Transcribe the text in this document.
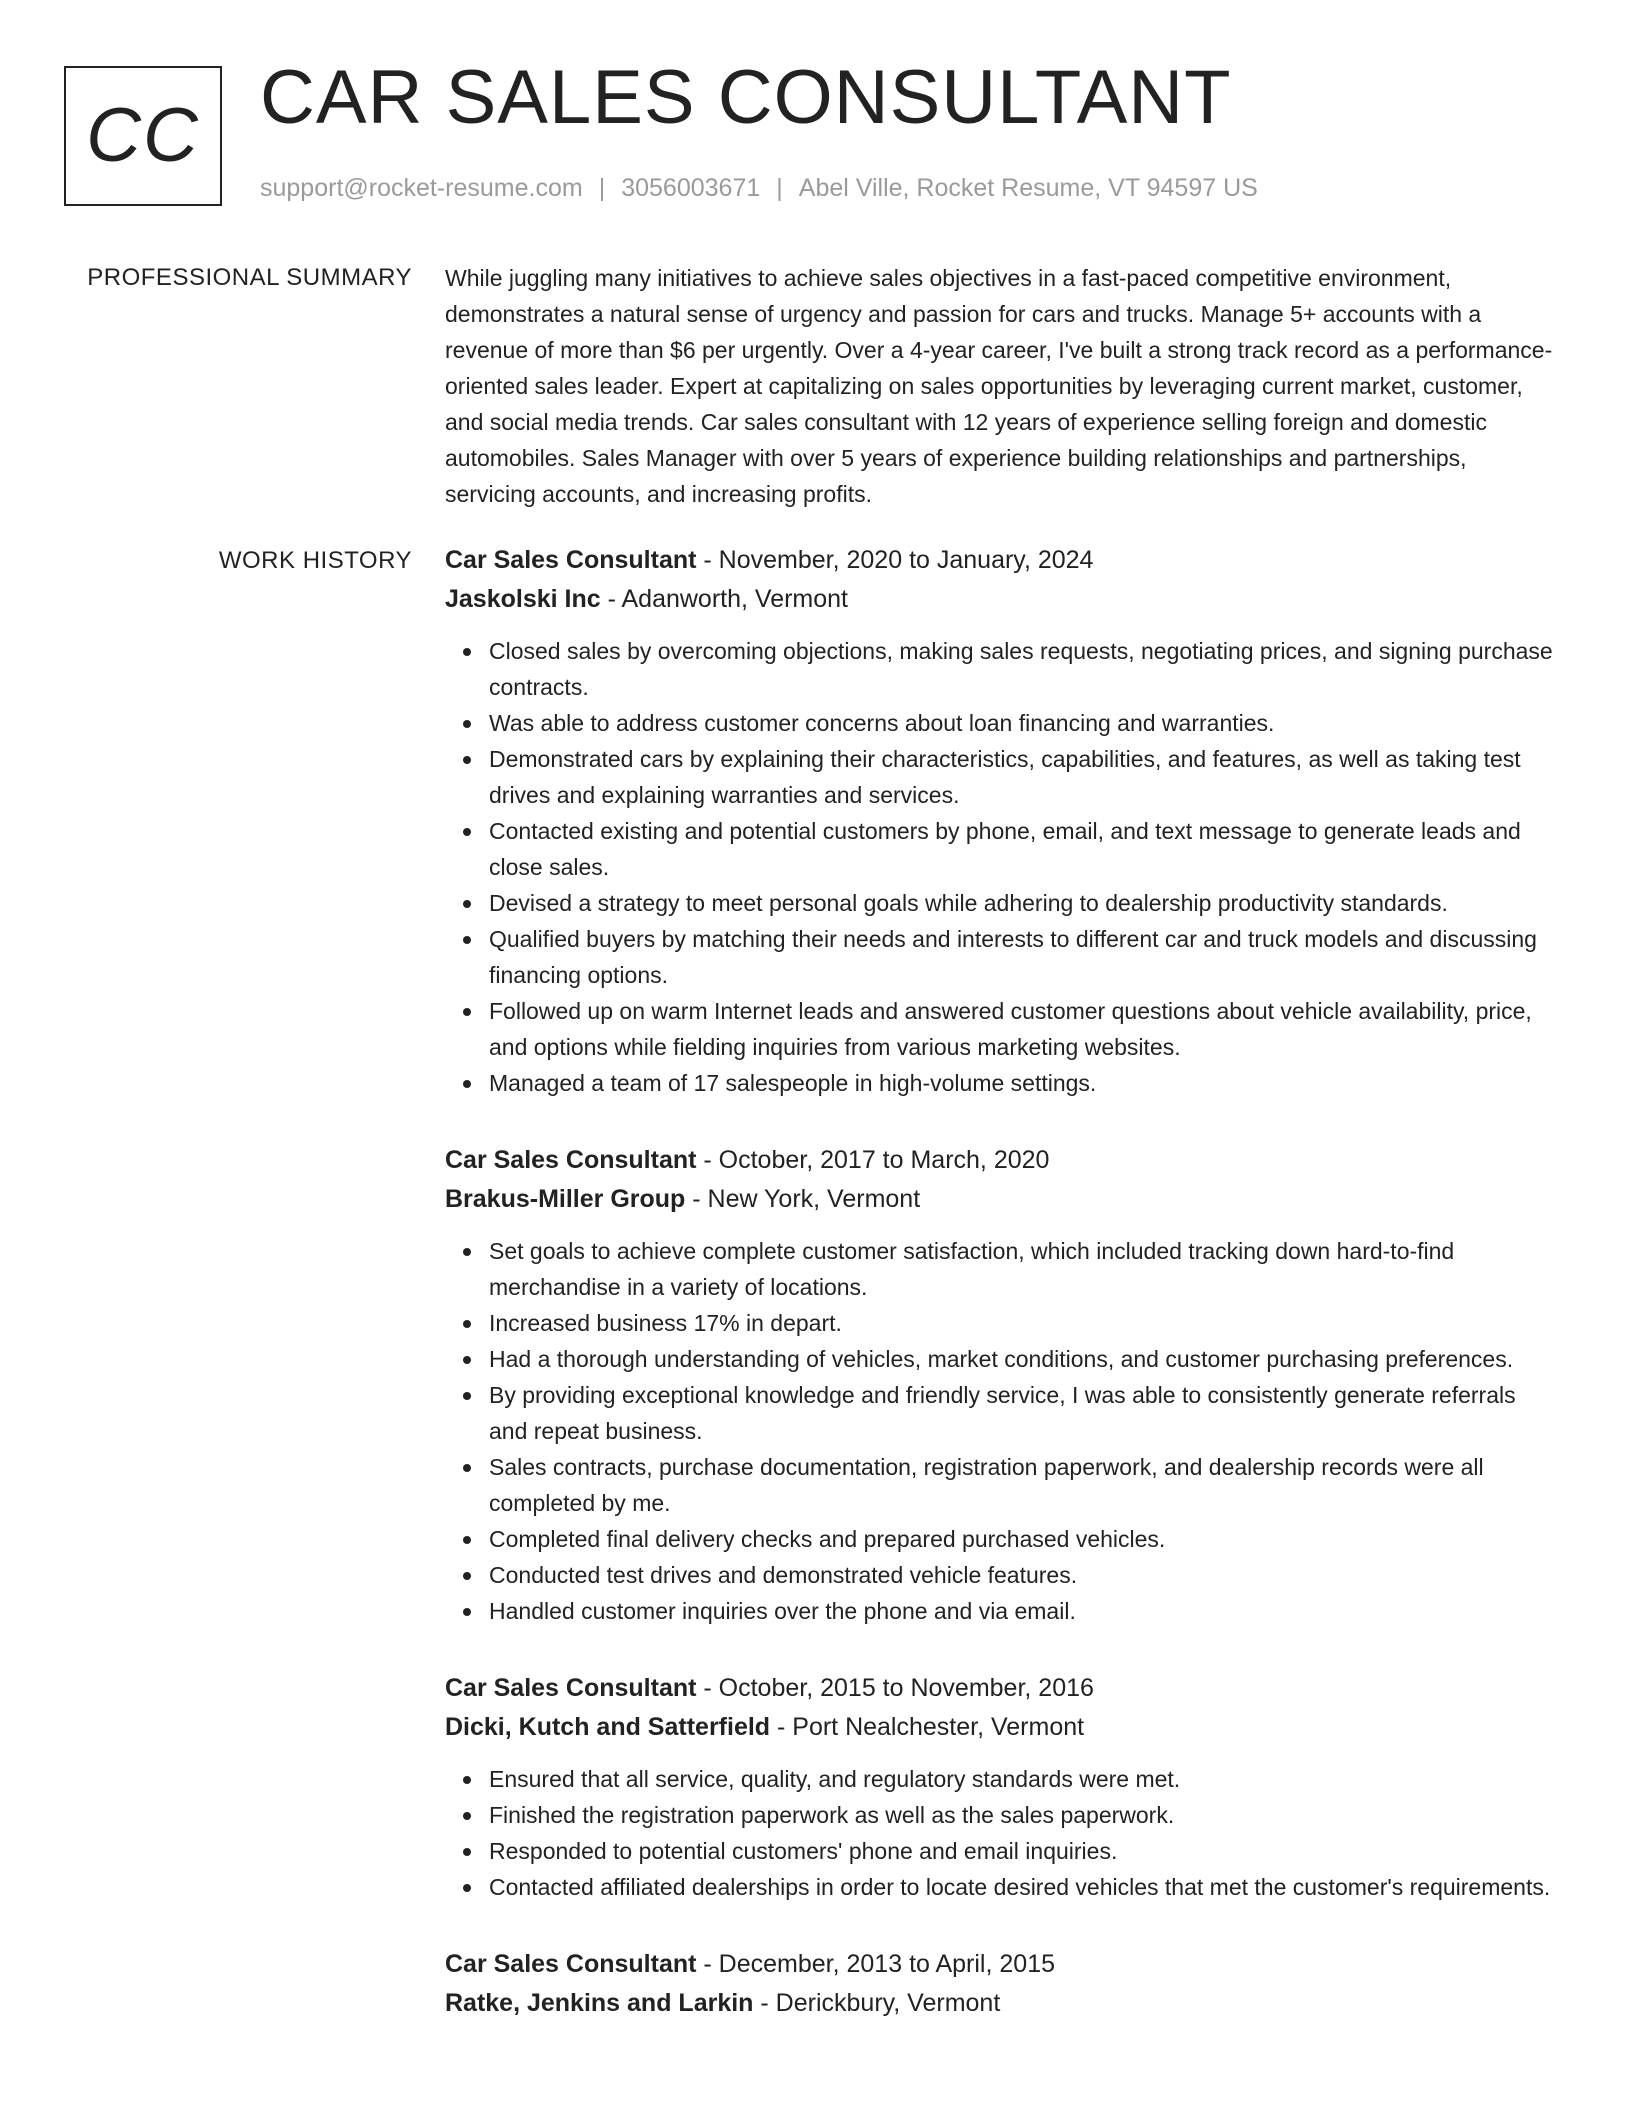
CC CAR SALES CONSULTANT
support@rocket-resume.com | 3056003671 | Abel Ville, Rocket Resume, VT 94597 US
PROFESSIONAL SUMMARY While juggling many initiatives to achieve sales objectives in a fast-paced competitive environment, demonstrates a natural sense of urgency and passion for cars and trucks. Manage 5+ accounts with a revenue of more than $6 per urgently. Over a 4-year career, I've built a strong track record as a performance-oriented sales leader. Expert at capitalizing on sales opportunities by leveraging current market, customer, and social media trends. Car sales consultant with 12 years of experience selling foreign and domestic automobiles. Sales Manager with over 5 years of experience building relationships and partnerships, servicing accounts, and increasing profits.

WORK HISTORY Car Sales Consultant - November, 2020 to January, 2024
Jaskolski Inc - Adanworth, Vermont
Closed sales by overcoming objections, making sales requests, negotiating prices, and signing purchase contracts.
Was able to address customer concerns about loan financing and warranties.
Demonstrated cars by explaining their characteristics, capabilities, and features, as well as taking test drives and explaining warranties and services.
Contacted existing and potential customers by phone, email, and text message to generate leads and close sales.
Devised a strategy to meet personal goals while adhering to dealership productivity standards.
Qualified buyers by matching their needs and interests to different car and truck models and discussing financing options.
Followed up on warm Internet leads and answered customer questions about vehicle availability, price, and options while fielding inquiries from various marketing websites.
Managed a team of 17 salespeople in high-volume settings.
Car Sales Consultant - October, 2017 to March, 2020
Brakus-Miller Group - New York, Vermont
Set goals to achieve complete customer satisfaction, which included tracking down hard-to-find merchandise in a variety of locations.
Increased business 17% in depart.
Had a thorough understanding of vehicles, market conditions, and customer purchasing preferences.
By providing exceptional knowledge and friendly service, I was able to consistently generate referrals and repeat business.
Sales contracts, purchase documentation, registration paperwork, and dealership records were all completed by me.
Completed final delivery checks and prepared purchased vehicles.
Conducted test drives and demonstrated vehicle features.
Handled customer inquiries over the phone and via email.
Car Sales Consultant - October, 2015 to November, 2016
Dicki, Kutch and Satterfield - Port Nealchester, Vermont
Ensured that all service, quality, and regulatory standards were met.
Finished the registration paperwork as well as the sales paperwork.
Responded to potential customers' phone and email inquiries.
Contacted affiliated dealerships in order to locate desired vehicles that met the customer's requirements.
Car Sales Consultant - December, 2013 to April, 2015
Ratke, Jenkins and Larkin - Derickbury, Vermont
